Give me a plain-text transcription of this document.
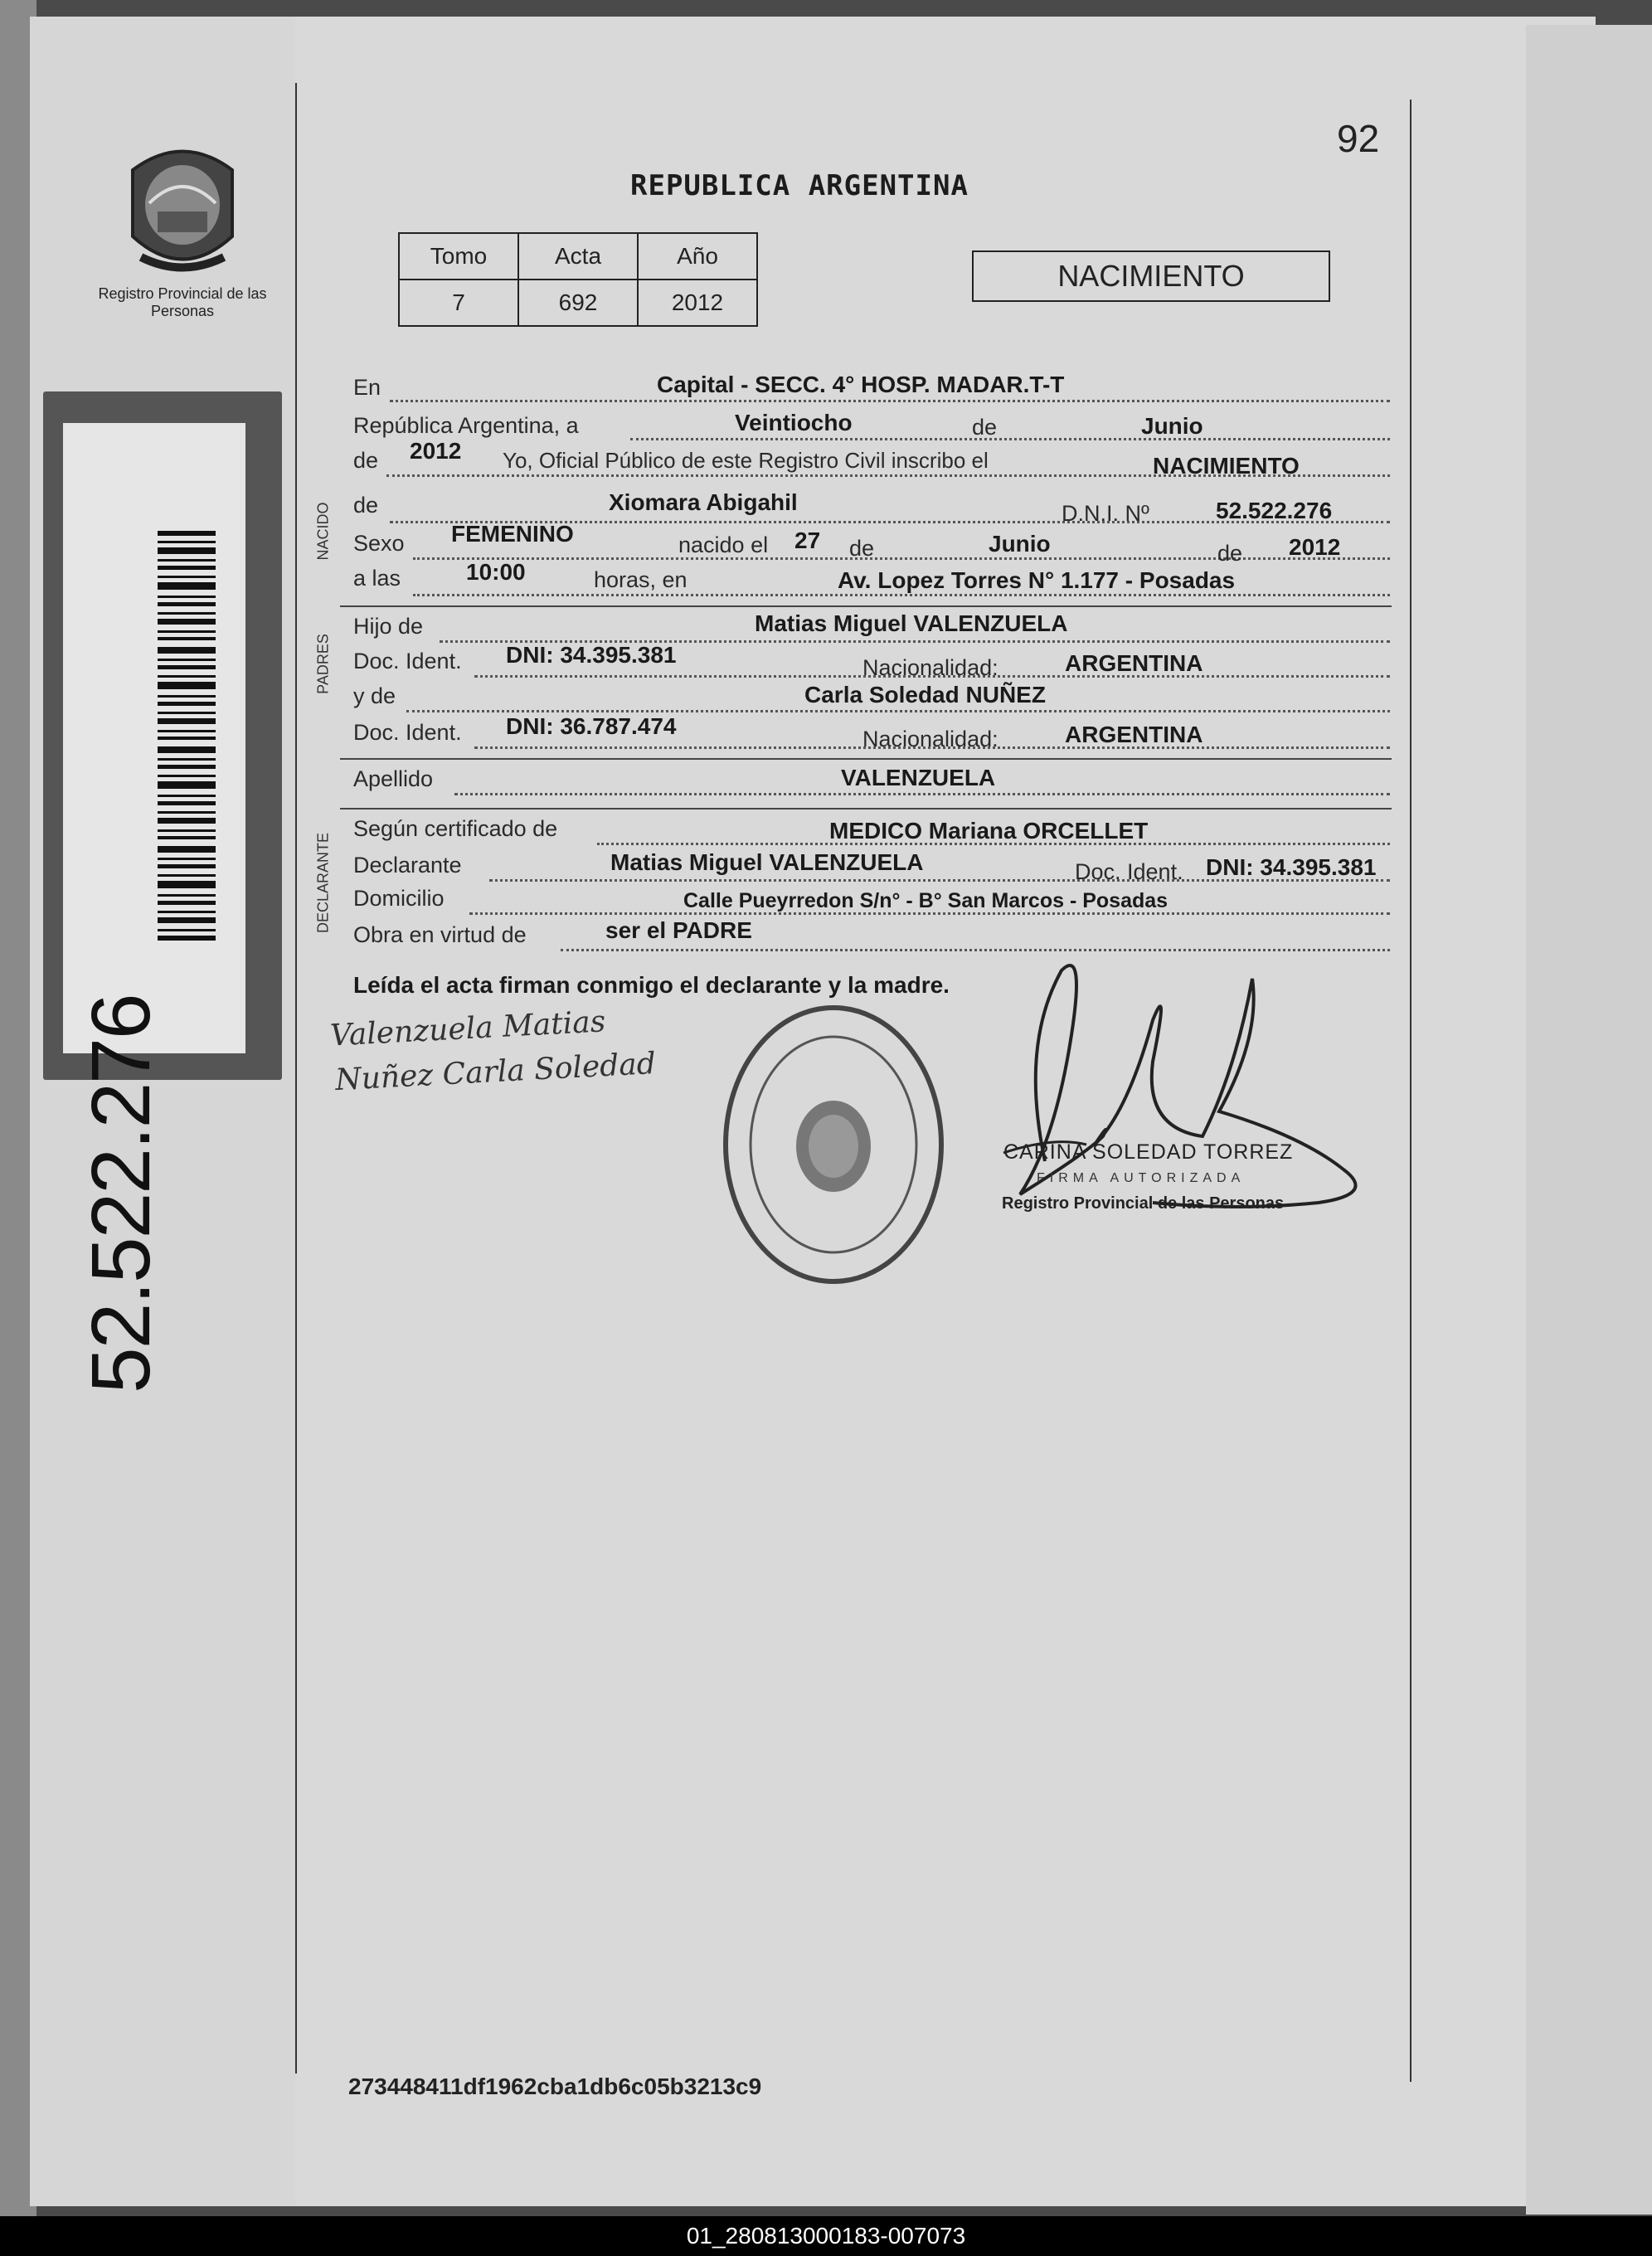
Registro Provincial de las Personas
52.522.276
92
REPUBLICA ARGENTINA
Tomo	Acta	Año
7	692	2012
NACIMIENTO
En	Capital - SECC. 4° HOSP. MADAR.T-T
República Argentina, a	Veintiocho	de	Junio
de 2012 Yo, Oficial Público de este Registro Civil inscribo el	NACIMIENTO
NACIDO de	Xiomara Abigahil	D.N.I. Nº	52.522.276
Sexo FEMENINO	nacido el 27 de	Junio	de 2012
a las	10:00	horas, en	Av. Lopez Torres N° 1.177 - Posadas
PADRES
Hijo de	Matias Miguel VALENZUELA
Doc. Ident. DNI: 34.395.381	Nacionalidad:	ARGENTINA
y de	Carla Soledad NUÑEZ
Doc. Ident. DNI: 36.787.474	Nacionalidad:	ARGENTINA
Apellido	VALENZUELA
DECLARANTE
Según certificado de	MEDICO Mariana ORCELLET
Declarante	Matias Miguel VALENZUELA	Doc. Ident. DNI: 34.395.381
Domicilio	Calle Pueyrredon S/n° - B° San Marcos - Posadas
Obra en virtud de	ser el PADRE
Leída el acta firman conmigo el declarante y la madre.
Valenzuela Matias
Nuñez Carla Soledad
CARINA SOLEDAD TORREZ
FIRMA AUTORIZADA
Registro Provincial de las Personas
273448411df1962cba1db6c05b3213c9
01_280813000183-007073
